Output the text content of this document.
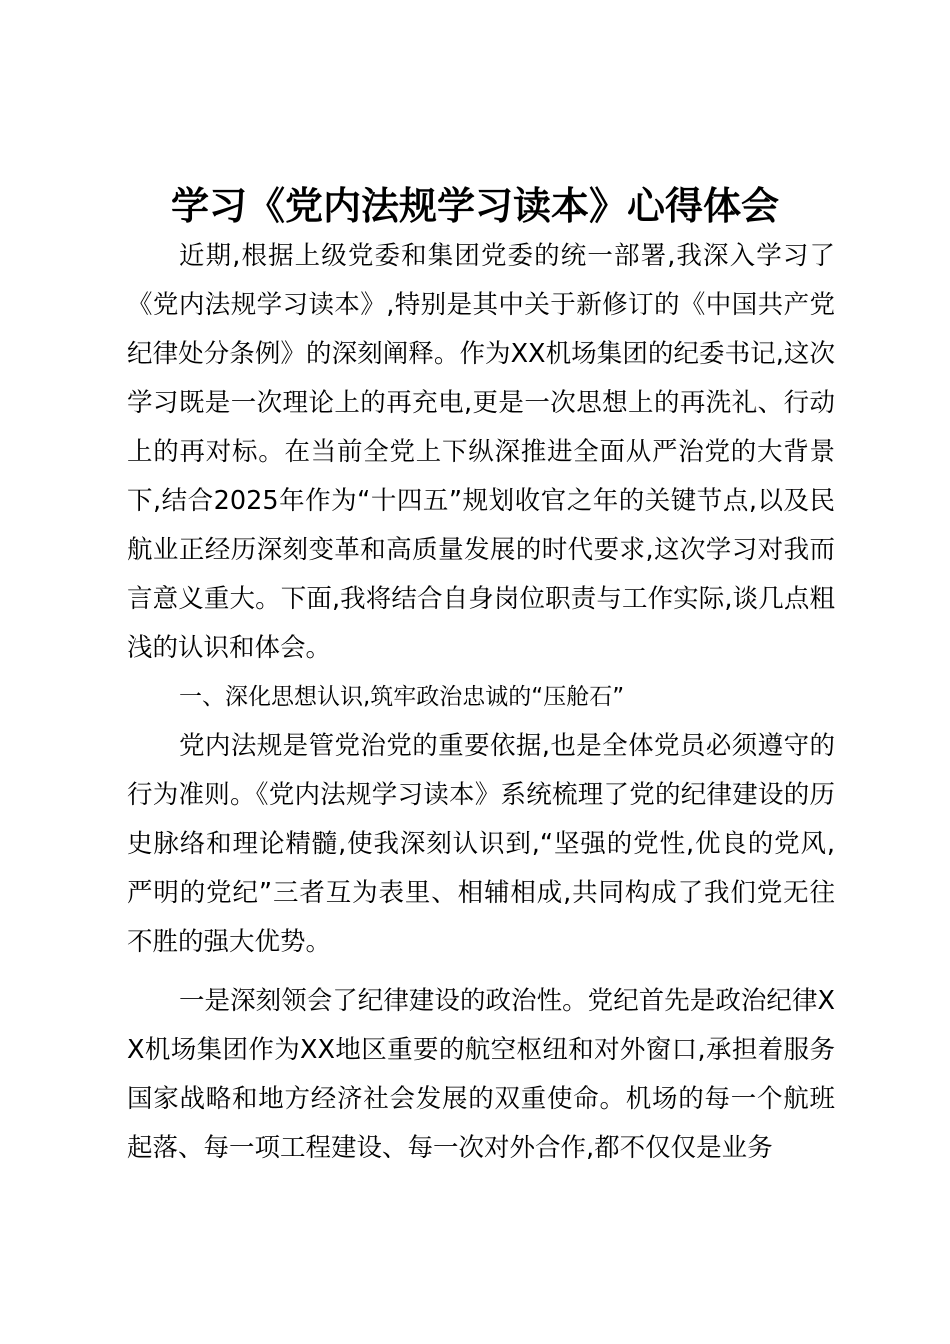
学习《党内法规学习读本》心得体会

近期,根据上级党委和集团党委的统一部署,我深入学习了《党内法规学习读本》,特别是其中关于新修订的《中国共产党纪律处分条例》的深刻阐释。作为XX机场集团的纪委书记,这次学习既是一次理论上的再充电,更是一次思想上的再洗礼、行动上的再对标。在当前全党上下纵深推进全面从严治党的大背景下,结合2025年作为“十四五”规划收官之年的关键节点,以及民航业正经历深刻变革和高质量发展的时代要求,这次学习对我而言意义重大。下面,我将结合自身岗位职责与工作实际,谈几点粗浅的认识和体会。

一、深化思想认识,筑牢政治忠诚的“压舱石”

党内法规是管党治党的重要依据,也是全体党员必须遵守的行为准则。《党内法规学习读本》系统梳理了党的纪律建设的历史脉络和理论精髓,使我深刻认识到,“坚强的党性,优良的党风,严明的党纪”三者互为表里、相辅相成,共同构成了我们党无往不胜的强大优势。

一是深刻领会了纪律建设的政治性。党纪首先是政治纪律XX机场集团作为XX地区重要的航空枢纽和对外窗口,承担着服务国家战略和地方经济社会发展的双重使命。机场的每一个航班起落、每一项工程建设、每一次对外合作,都不仅仅是业务
